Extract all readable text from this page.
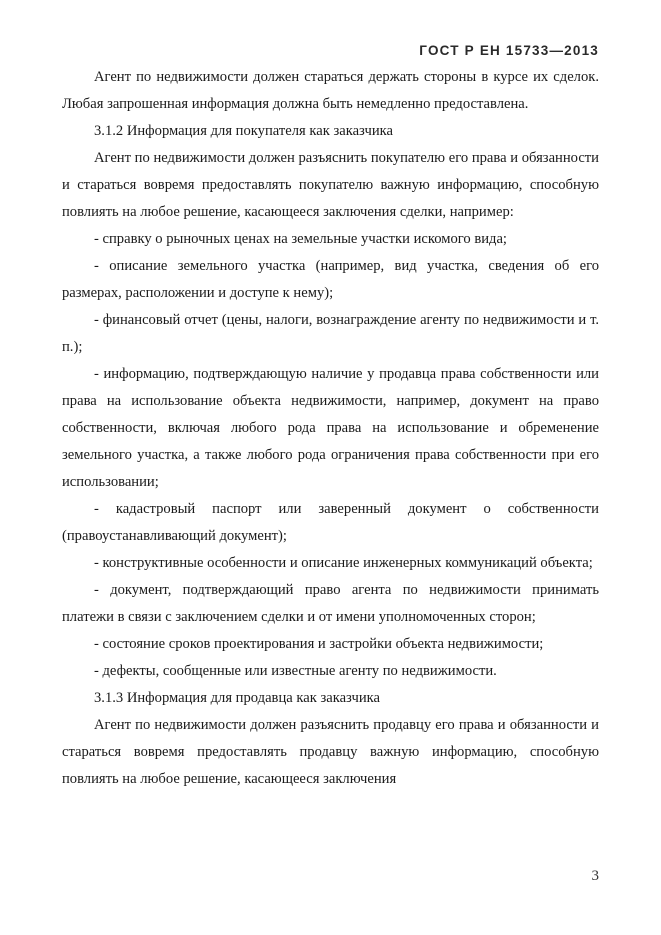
ГОСТ Р ЕН 15733—2013

Агент по недвижимости должен стараться держать стороны в курсе их сделок. Любая запрошенная информация должна быть немедленно предоставлена.

3.1.2 Информация для покупателя как заказчика

Агент по недвижимости должен разъяснить покупателю его права и обязанности и стараться вовремя предоставлять покупателю важную информацию, способную повлиять на любое решение, касающееся заключения сделки, например:

- справку о рыночных ценах на земельные участки искомого вида;

- описание земельного участка (например, вид участка, сведения об его размерах, расположении и доступе к нему);

- финансовый отчет (цены, налоги, вознаграждение агенту по недвижимости и т. п.);

- информацию, подтверждающую наличие у продавца права собственности или права на использование объекта недвижимости, например, документ на право собственности, включая любого рода права на использование и обременение земельного участка, а также любого рода ограничения права собственности при его использовании;

- кадастровый паспорт или заверенный документ о собственности (правоустанавливающий документ);

- конструктивные особенности и описание инженерных коммуникаций объекта;

- документ, подтверждающий право агента по недвижимости принимать платежи в связи с заключением сделки и от имени уполномоченных сторон;

- состояние сроков проектирования и застройки объекта недвижимости;

- дефекты, сообщенные или известные агенту по недвижимости.

3.1.3 Информация для продавца как заказчика

Агент по недвижимости должен разъяснить продавцу его права и обязанности и стараться вовремя предоставлять продавцу важную информацию, способную повлиять на любое решение, касающееся заключения

3
